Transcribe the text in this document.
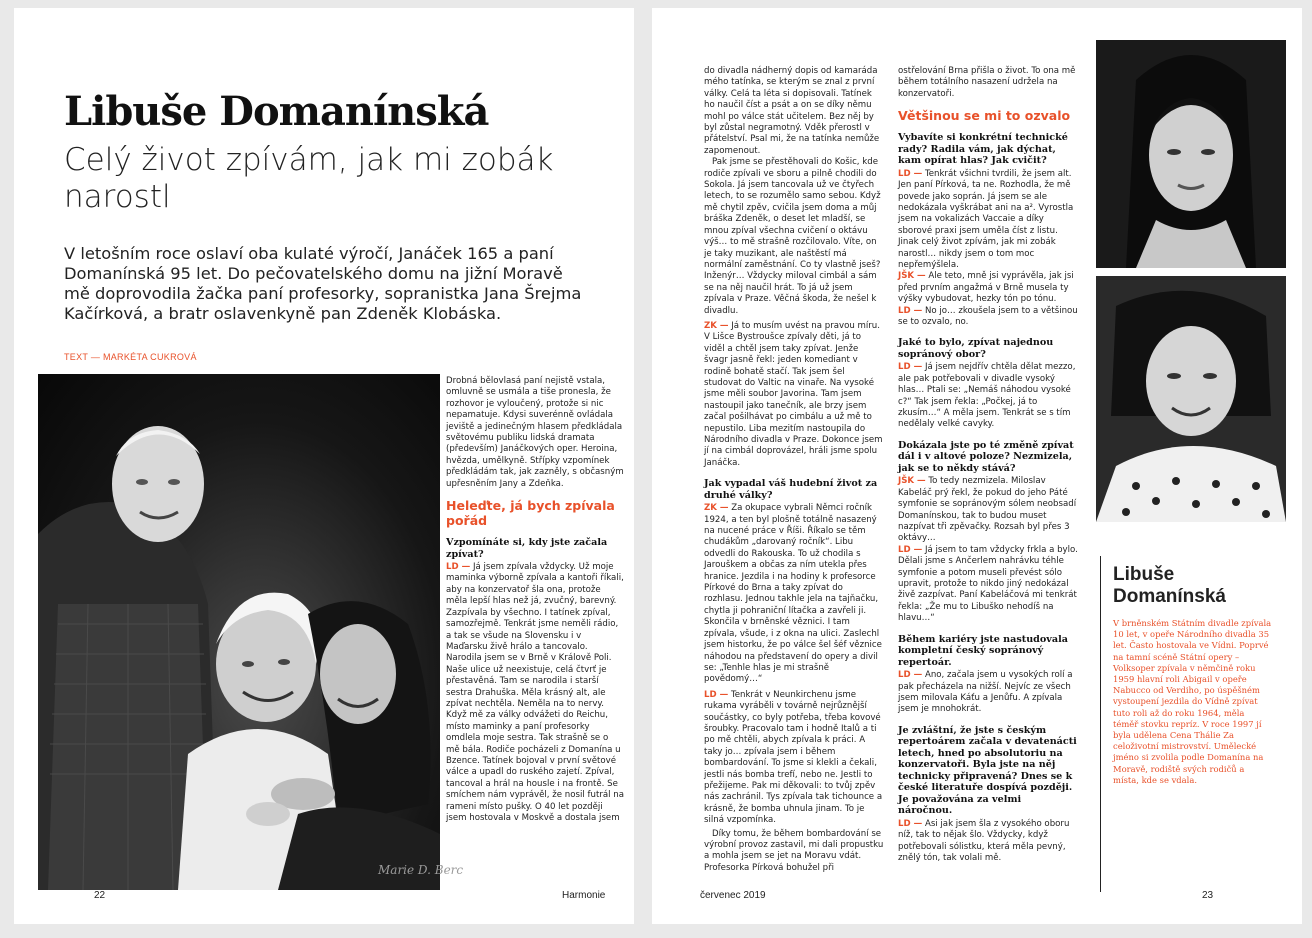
Libuše Domanínská
Celý život zpívám, jak mi zobák narostl
V letošním roce oslaví oba kulaté výročí, Janáček 165 a paní Domanínská 95 let. Do pečovatelského domu na jižní Moravě mě doprovodila žačka paní profesorky, sopranistka Jana Šrejma Kačírková, a bratr oslavenkyně pan Zdeněk Klobáska.
TEXT — MARKÉTA CUKROVÁ
Marie D. Berc

Drobná bělovlasá paní nejistě vstala, omluvně se usmála a tiše pronesla, že rozhovor je vyloučený, protože si nic nepamatuje. Kdysi suverénně ovládala jeviště a jedinečným hlasem předkládala světovému publiku lidská dramata (především) Janáčkových oper. Heroina, hvězda, umělkyně. Střípky vzpomínek předkládám tak, jak zazněly, s občasným upřesněním Jany a Zdeňka.

Heleďte, já bych zpívala pořád
Vzpomínáte si, kdy jste začala zpívat?

LD — Já jsem zpívala vždycky. Už moje maminka výborně zpívala a kantoři říkali, aby na konzervatoř šla ona, protože měla lepší hlas než já, zvučný, barevný. Zazpívala by všechno. I tatínek zpíval, samozřejmě. Tenkrát jsme neměli rádio, a tak se všude na Slovensku i v Maďarsku živě hrálo a tancovalo. Narodila jsem se v Brně v Králově Poli. Naše ulice už neexistuje, celá čtvrť je přestavěná. Tam se narodila i starší sestra Drahuška. Měla krásný alt, ale zpívat nechtěla. Neměla na to nervy. Když mě za války odvážeti do Reichu, místo maminky a paní profesorky omdlela moje sestra. Tak strašně se o mě bála. Rodiče pocházeli z Domanína u Bzence. Tatínek bojoval v první světové válce a upadl do ruského zajetí. Zpíval, tancoval a hrál na housle i na frontě. Se smíchem nám vyprávěl, že nosil futrál na rameni místo pušky. O 40 let později jsem hostovala v Moskvě a dostala jsem

22	Harmonie

do divadla nádherný dopis od kamaráda mého tatínka, se kterým se znal z první války. Celá ta léta si dopisovali. Tatínek ho naučil číst a psát a on se díky němu mohl po válce stát učitelem. Bez něj by byl zůstal negramotný. Vděk přerostl v přátelství. Psal mi, že na tatínka nemůže zapomenout.

Pak jsme se přestěhovali do Košic, kde rodiče zpívali ve sboru a pilně chodili do Sokola. Já jsem tancovala už ve čtyřech letech, to se rozumělo samo sebou. Když mě chytil zpěv, cvičila jsem doma a můj bráška Zdeněk, o deset let mladší, se mnou zpíval všechna cvičení o oktávu výš… to mě strašně rozčilovalo. Víte, on je taky muzikant, ale naštěstí má normální zaměstnání. Co ty vlastně jseš? Inženýr… Vždycky miloval cimbál a sám se na něj naučil hrát. To já už jsem zpívala v Praze. Věčná škoda, že nešel k divadlu.

ZK — Já to musím uvést na pravou míru. V Lišce Bystroušce zpívaly děti, já to viděl a chtěl jsem taky zpívat. Jenže švagr jasně řekl: jeden komediant v rodině bohatě stačí. Tak jsem šel studovat do Valtic na vinaře. Na vysoké jsme měli soubor Javorina. Tam jsem nastoupil jako tanečník, ale brzy jsem začal pošilhávat po cimbálu a už mě to nepustilo. Liba mezitím nastoupila do Národního divadla v Praze. Dokonce jsem jí na cimbál doprovázel, hráli jsme spolu Janáčka.

Jak vypadal váš hudební život za druhé války?

ZK — Za okupace vybrali Němci ročník 1924, a ten byl plošně totálně nasazený na nucené práce v Říši. Říkalo se těm chudákům „darovaný ročník“. Libu odvedli do Rakouska. To už chodila s Jarouškem a občas za ním utekla přes hranice. Jezdila i na hodiny k profesorce Pírkové do Brna a taky zpívat do rozhlasu. Jednou takhle jela na tajňačku, chytla ji pohraniční lítačka a zavřeli ji. Skončila v brněnské věznici. I tam zpívala, všude, i z okna na ulici. Zaslechl jsem historku, že po válce šel šéf věznice náhodou na představení do opery a divil se: „Tenhle hlas je mi strašně povědomý…“

LD — Tenkrát v Neunkirchenu jsme rukama vyráběli v továrně nejrůznější součástky, co byly potřeba, třeba kovové šroubky. Pracovalo tam i hodně Italů a ti po mě chtěli, abych zpívala k práci. A taky jo… zpívala jsem i během bombardování. To jsme si klekli a čekali, jestli nás bomba trefí, nebo ne. Jestli to přežijeme. Pak mi děkovali: to tvůj zpěv nás zachránil. Tys zpívala tak tichounce a krásně, že bomba uhnula jinam. To je silná vzpomínka.

Díky tomu, že během bombardování se výrobní provoz zastavil, mi dali propustku a mohla jsem se jet na Moravu vdát. Profesorka Pírková bohužel při

ostřelování Brna přišla o život. To ona mě během totálního nasazení udržela na konzervatoři.

Většinou se mi to ozvalo
Vybavíte si konkrétní technické rady? Radila vám, jak dýchat, kam opírat hlas? Jak cvičit?

LD — Tenkrát všichni tvrdili, že jsem alt. Jen paní Pírková, ta ne. Rozhodla, že mě povede jako soprán. Já jsem se ale nedokázala vyškrábat ani na a². Vyrostla jsem na vokalizách Vaccaie a díky sborové praxi jsem uměla číst z listu. Jinak celý život zpívám, jak mi zobák narostl… nikdy jsem o tom moc nepřemýšlela.

JŠK — Ale teto, mně jsi vyprávěla, jak jsi před prvním angažmá v Brně musela ty výšky vybudovat, hezky tón po tónu.

LD — No jo… zkoušela jsem to a většinou se to ozvalo, no.

Jaké to bylo, zpívat najednou sopránový obor?

LD — Já jsem nejdřív chtěla dělat mezzo, ale pak potřebovali v divadle vysoký hlas… Ptali se: „Nemáš náhodou vysoké c?“ Tak jsem řekla: „Počkej, já to zkusím…“ A měla jsem. Tenkrát se s tím nedělaly velké cavyky.

Dokázala jste po té změně zpívat dál i v altové poloze? Nezmizela, jak se to někdy stává?

JŠK — To tedy nezmizela. Miloslav Kabeláč prý řekl, že pokud do jeho Páté symfonie se sopránovým sólem neobsadí Domanínskou, tak to budou muset nazpívat tři zpěvačky. Rozsah byl přes 3 oktávy…

LD — Já jsem to tam vždycky frkla a bylo. Dělali jsme s Ančerlem nahrávku téhle symfonie a potom museli převést sólo upravit, protože to nikdo jiný nedokázal živě zazpívat. Paní Kabeláčová mi tenkrát řekla: „Že mu to Libuško nehodíš na hlavu…“

Během kariéry jste nastudovala kompletní český sopránový repertoár.

LD — Ano, začala jsem u vysokých rolí a pak přecházela na nižší. Nejvíc ze všech jsem milovala Káťu a Jenůfu. A zpívala jsem je mnohokrát.

Je zvláštní, že jste s českým repertoárem začala v devatenácti letech, hned po absolutoriu na konzervatoři. Byla jste na něj technicky připravená? Dnes se k české literatuře dospívá později. Je považována za velmi náročnou.

LD — Asi jak jsem šla z vysokého oboru níž, tak to nějak šlo. Vždycky, když potřebovali sólistku, která měla pevný, znělý tón, tak volali mě.

Libuše Domanínská
V brněnském Státním divadle zpívala 10 let, v opeře Národního divadla 35 let. Často hostovala ve Vídni. Poprvé na tamní scéně Státní opery – Volksoper zpívala v němčině roku 1959 hlavní roli Abigail v opeře Nabucco od Verdiho, po úspěšném vystoupení jezdila do Vídně zpívat tuto roli až do roku 1964, měla téměř stovku repríz. V roce 1997 jí byla udělena Cena Thálie Za celoživotní mistrovství. Umělecké jméno si zvolila podle Domanína na Moravě, rodiště svých rodičů a místa, kde se vdala.
červenec 2019	23
